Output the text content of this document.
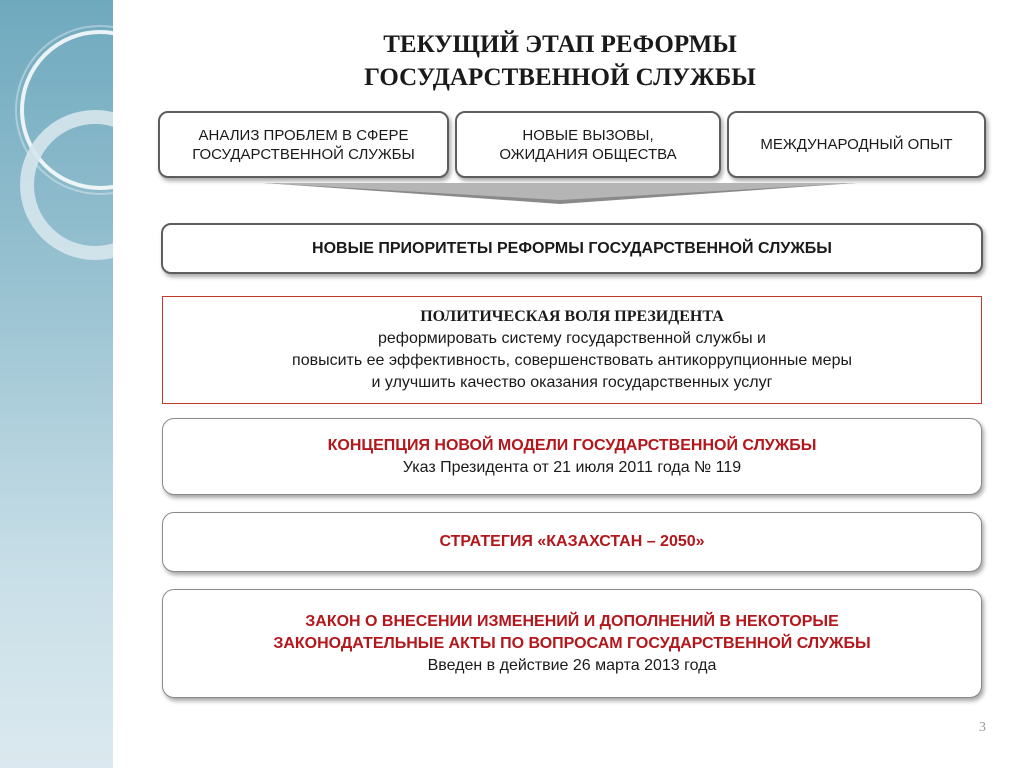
ТЕКУЩИЙ ЭТАП РЕФОРМЫ
ГОСУДАРСТВЕННОЙ СЛУЖБЫ
АНАЛИЗ ПРОБЛЕМ В СФЕРЕ
ГОСУДАРСТВЕННОЙ СЛУЖБЫ
НОВЫЕ ВЫЗОВЫ,
ОЖИДАНИЯ ОБЩЕСТВА
МЕЖДУНАРОДНЫЙ ОПЫТ
НОВЫЕ ПРИОРИТЕТЫ РЕФОРМЫ ГОСУДАРСТВЕННОЙ СЛУЖБЫ
ПОЛИТИЧЕСКАЯ ВОЛЯ ПРЕЗИДЕНТА
реформировать систему государственной службы и
повысить ее эффективность, совершенствовать антикоррупционные меры
и улучшить качество оказания государственных услуг
КОНЦЕПЦИЯ НОВОЙ МОДЕЛИ ГОСУДАРСТВЕННОЙ СЛУЖБЫ
Указ Президента от 21 июля 2011 года № 119
СТРАТЕГИЯ «КАЗАХСТАН – 2050»
ЗАКОН О ВНЕСЕНИИ ИЗМЕНЕНИЙ И ДОПОЛНЕНИЙ В НЕКОТОРЫЕ
ЗАКОНОДАТЕЛЬНЫЕ АКТЫ ПО ВОПРОСАМ ГОСУДАРСТВЕННОЙ СЛУЖБЫ
Введен в действие 26 марта 2013 года
3
